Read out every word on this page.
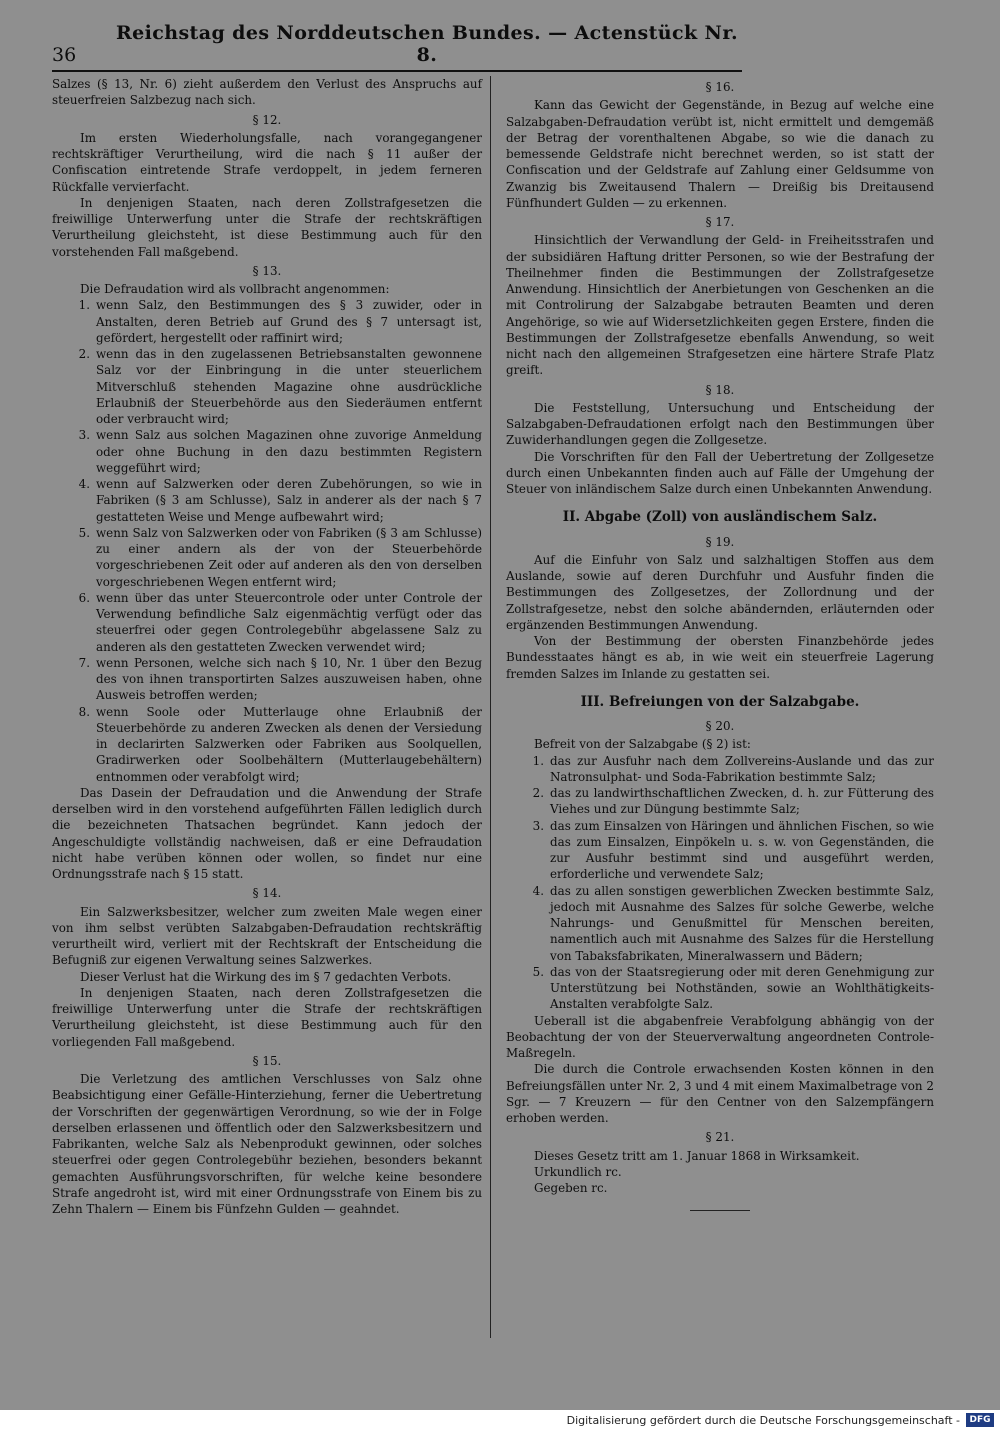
36
Reichstag des Norddeutschen Bundes. — Actenstück Nr. 8.

Salzes (§ 13, Nr. 6) zieht außerdem den Verlust des Anspruchs auf steuerfreien Salzbezug nach sich.

§ 12.

Im ersten Wiederholungsfalle, nach vorangegangener rechtskräftiger Verurtheilung, wird die nach § 11 außer der Confiscation eintretende Strafe verdoppelt, in jedem ferneren Rückfalle vervierfacht.

In denjenigen Staaten, nach deren Zollstrafgesetzen die freiwillige Unterwerfung unter die Strafe der rechtskräftigen Verurtheilung gleichsteht, ist diese Bestimmung auch für den vorstehenden Fall maßgebend.

§ 13.

Die Defraudation wird als vollbracht angenommen:

1. wenn Salz, den Bestimmungen des § 3 zuwider, oder in Anstalten, deren Betrieb auf Grund des § 7 untersagt ist, gefördert, hergestellt oder raffinirt wird;
2. wenn das in den zugelassenen Betriebsanstalten gewonnene Salz vor der Einbringung in die unter steuerlichem Mitverschluß stehenden Magazine ohne ausdrückliche Erlaubniß der Steuerbehörde aus den Siederäumen entfernt oder verbraucht wird;
3. wenn Salz aus solchen Magazinen ohne zuvorige Anmeldung oder ohne Buchung in den dazu bestimmten Registern weggeführt wird;
4. wenn auf Salzwerken oder deren Zubehörungen, so wie in Fabriken (§ 3 am Schlusse), Salz in anderer als der nach § 7 gestatteten Weise und Menge aufbewahrt wird;
5. wenn Salz von Salzwerken oder von Fabriken (§ 3 am Schlusse) zu einer andern als der von der Steuerbehörde vorgeschriebenen Zeit oder auf anderen als den von derselben vorgeschriebenen Wegen entfernt wird;
6. wenn über das unter Steuercontrole oder unter Controle der Verwendung befindliche Salz eigenmächtig verfügt oder das steuerfrei oder gegen Controlegebühr abgelassene Salz zu anderen als den gestatteten Zwecken verwendet wird;
7. wenn Personen, welche sich nach § 10, Nr. 1 über den Bezug des von ihnen transportirten Salzes auszuweisen haben, ohne Ausweis betroffen werden;
8. wenn Soole oder Mutterlauge ohne Erlaubniß der Steuerbehörde zu anderen Zwecken als denen der Versiedung in declarirten Salzwerken oder Fabriken aus Soolquellen, Gradirwerken oder Soolbehältern (Mutterlaugebehältern) entnommen oder verabfolgt wird;

Das Dasein der Defraudation und die Anwendung der Strafe derselben wird in den vorstehend aufgeführten Fällen lediglich durch die bezeichneten Thatsachen begründet. Kann jedoch der Angeschuldigte vollständig nachweisen, daß er eine Defraudation nicht habe verüben können oder wollen, so findet nur eine Ordnungsstrafe nach § 15 statt.

§ 14.

Ein Salzwerksbesitzer, welcher zum zweiten Male wegen einer von ihm selbst verübten Salzabgaben-Defraudation rechtskräftig verurtheilt wird, verliert mit der Rechtskraft der Entscheidung die Befugniß zur eigenen Verwaltung seines Salzwerkes.

Dieser Verlust hat die Wirkung des im § 7 gedachten Verbots.

In denjenigen Staaten, nach deren Zollstrafgesetzen die freiwillige Unterwerfung unter die Strafe der rechtskräftigen Verurtheilung gleichsteht, ist diese Bestimmung auch für den vorliegenden Fall maßgebend.

§ 15.

Die Verletzung des amtlichen Verschlusses von Salz ohne Beabsichtigung einer Gefälle-Hinterziehung, ferner die Uebertretung der Vorschriften der gegenwärtigen Verordnung, so wie der in Folge derselben erlassenen und öffentlich oder den Salzwerksbesitzern und Fabrikanten, welche Salz als Nebenprodukt gewinnen, oder solches steuerfrei oder gegen Controlegebühr beziehen, besonders bekannt gemachten Ausführungsvorschriften, für welche keine besondere Strafe angedroht ist, wird mit einer Ordnungsstrafe von Einem bis zu Zehn Thalern — Einem bis Fünfzehn Gulden — geahndet.

§ 16.

Kann das Gewicht der Gegenstände, in Bezug auf welche eine Salzabgaben-Defraudation verübt ist, nicht ermittelt und demgemäß der Betrag der vorenthaltenen Abgabe, so wie die danach zu bemessende Geldstrafe nicht berechnet werden, so ist statt der Confiscation und der Geldstrafe auf Zahlung einer Geldsumme von Zwanzig bis Zweitausend Thalern — Dreißig bis Dreitausend Fünfhundert Gulden — zu erkennen.

§ 17.

Hinsichtlich der Verwandlung der Geld- in Freiheitsstrafen und der subsidiären Haftung dritter Personen, so wie der Bestrafung der Theilnehmer finden die Bestimmungen der Zollstrafgesetze Anwendung. Hinsichtlich der Anerbietungen von Geschenken an die mit Controlirung der Salzabgabe betrauten Beamten und deren Angehörige, so wie auf Widersetzlichkeiten gegen Erstere, finden die Bestimmungen der Zollstrafgesetze ebenfalls Anwendung, so weit nicht nach den allgemeinen Strafgesetzen eine härtere Strafe Platz greift.

§ 18.

Die Feststellung, Untersuchung und Entscheidung der Salzabgaben-Defraudationen erfolgt nach den Bestimmungen über Zuwiderhandlungen gegen die Zollgesetze.

Die Vorschriften für den Fall der Uebertretung der Zollgesetze durch einen Unbekannten finden auch auf Fälle der Umgehung der Steuer von inländischem Salze durch einen Unbekannten Anwendung.

II. Abgabe (Zoll) von ausländischem Salz.
§ 19.

Auf die Einfuhr von Salz und salzhaltigen Stoffen aus dem Auslande, sowie auf deren Durchfuhr und Ausfuhr finden die Bestimmungen des Zollgesetzes, der Zollordnung und der Zollstrafgesetze, nebst den solche abändernden, erläuternden oder ergänzenden Bestimmungen Anwendung.

Von der Bestimmung der obersten Finanzbehörde jedes Bundesstaates hängt es ab, in wie weit ein steuerfreie Lagerung fremden Salzes im Inlande zu gestatten sei.

III. Befreiungen von der Salzabgabe.
§ 20.

Befreit von der Salzabgabe (§ 2) ist:

1. das zur Ausfuhr nach dem Zollvereins-Auslande und das zur Natronsulphat- und Soda-Fabrikation bestimmte Salz;
2. das zu landwirthschaftlichen Zwecken, d. h. zur Fütterung des Viehes und zur Düngung bestimmte Salz;
3. das zum Einsalzen von Häringen und ähnlichen Fischen, so wie das zum Einsalzen, Einpökeln u. s. w. von Gegenständen, die zur Ausfuhr bestimmt sind und ausgeführt werden, erforderliche und verwendete Salz;
4. das zu allen sonstigen gewerblichen Zwecken bestimmte Salz, jedoch mit Ausnahme des Salzes für solche Gewerbe, welche Nahrungs- und Genußmittel für Menschen bereiten, namentlich auch mit Ausnahme des Salzes für die Herstellung von Tabaksfabrikaten, Mineralwassern und Bädern;
5. das von der Staatsregierung oder mit deren Genehmigung zur Unterstützung bei Nothständen, sowie an Wohlthätigkeits-Anstalten verabfolgte Salz.

Ueberall ist die abgabenfreie Verabfolgung abhängig von der Beobachtung der von der Steuerverwaltung angeordneten Controle-Maßregeln.

Die durch die Controle erwachsenden Kosten können in den Befreiungsfällen unter Nr. 2, 3 und 4 mit einem Maximalbetrage von 2 Sgr. — 7 Kreuzern — für den Centner von den Salzempfängern erhoben werden.

§ 21.

Dieses Gesetz tritt am 1. Januar 1868 in Wirksamkeit.

Urkundlich rc.
Gegeben rc.
Digitalisierung gefördert durch die Deutsche Forschungsgemeinschaft -	DFG
